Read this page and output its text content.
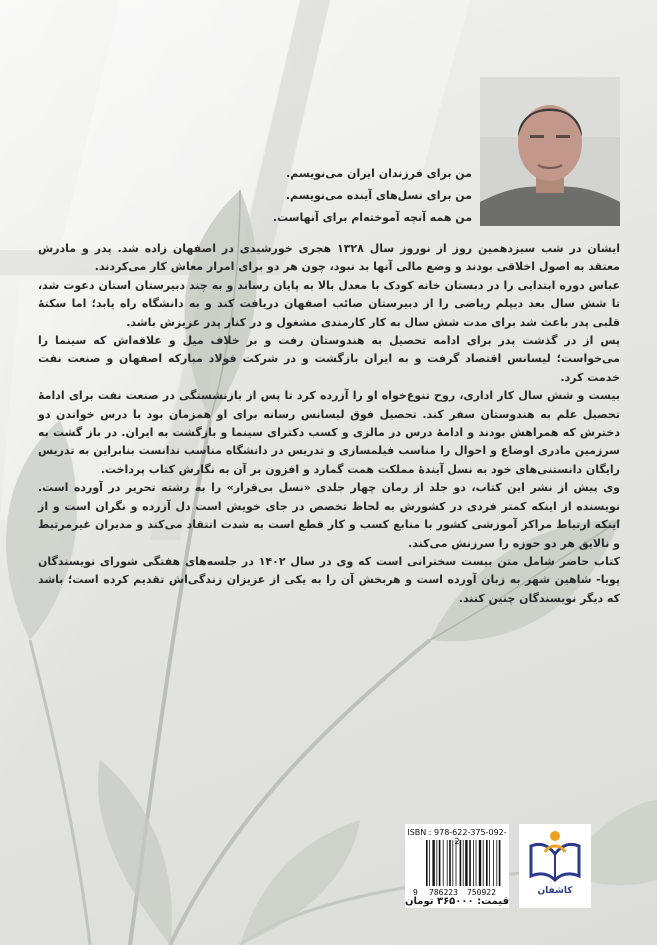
من برای فرزندان ایران می‌نویسم.
من برای نسل‌های آینده می‌نویسم.
من همه آنچه آموخته‌ام برای آنهاست.

ایشان در شب سیزدهمین روز از نوروز سال ۱۳۲۸ هجری خورشیدی در اصفهان زاده شد. پدر و مادرش معتقد به اصول اخلاقی بودند و وضع مالی آنها بد نبود، چون هر دو برای امرار معاش کار می‌کردند.

عباس دوره ابتدایی را در دبستان خانه کودک با معدل بالا به پایان رساند و به چند دبیرستان استان دعوت شد، تا شش سال بعد دیپلم ریاضی را از دبیرستان صائب اصفهان دریافت کند و به دانشگاه راه یابد؛ اما سکتهٔ قلبی پدر باعث شد برای مدت شش سال به کار کارمندی مشغول و در کنار پدر عزیزش باشد.

پس از در گذشت پدر برای ادامه تحصیل به هندوستان رفت و بر خلاف میل و علاقه‌اش که سینما را می‌خواست؛ لیسانس اقتصاد گرفت و به ایران بازگشت و در شرکت فولاد مبارکه اصفهان و صنعت نفت خدمت کرد.

بیست و شش سال کار اداری، روح تنوع‌خواه او را آزرده کرد تا پس از بازنشستگی در صنعت نفت برای ادامهٔ تحصیل علم به هندوستان سفر کند. تحصیل فوق لیسانس رسانه برای او همزمان بود با درس خواندن دو دخترش که همراهش بودند و ادامهٔ درس در مالزی و کسب دکترای سینما و بازگشت به ایران. در باز گشت به سرزمین مادری اوضاع و احوال را مناسب فیلمسازی و تدریس در دانشگاه مناسب ندانست بنابراین به تدریس رایگان دانستنی‌های خود به نسل آیندهٔ مملکت همت گمارد و افزون بر آن به نگارش کتاب پرداخت.

وی پیش از نشر این کتاب، دو جلد از رمان چهار جلدی «نسل بی‌قرار» را به رشته تحریر در آورده است. نویسنده از اینکه کمتر فردی در کشورش به لحاظ تخصص در جای خویش است دل آزرده و نگران است و از اینکه ارتباط مراکز آموزشی کشور با منابع کسب و کار قطع است به شدت انتقاد می‌کند و مدیران غیرمرتبط و نالایق هر دو حوزه را سرزنش می‌کند.

کتاب حاضر شامل متن بیست سخنرانی است که وی در سال ۱۴۰۲ در جلسه‌های هفتگی شورای نویسندگان پویا- شاهین شهر به زبان آورده است و هربخش آن را به یکی از عزیزان زندگی‌اش تقدیم کرده است؛ باشد که دیگر نویسندگان چنین کنند.

ISBN : 978-622-375-092-2
9 786223 750922
قیمت: ۳۶۵۰۰۰ تومان
کاشفان
